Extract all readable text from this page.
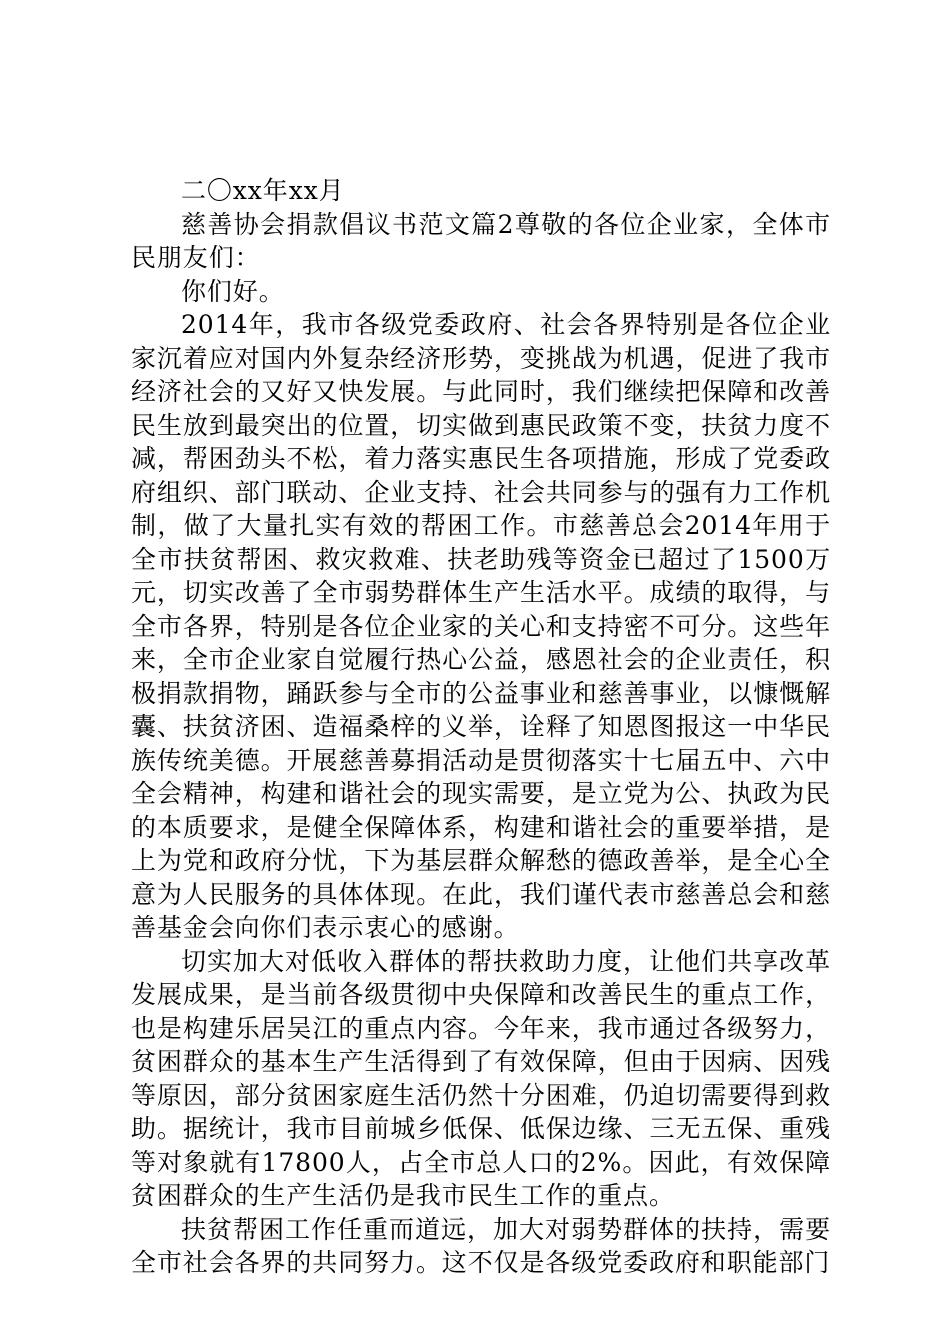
二〇xx年xx月

慈善协会捐款倡议书范文篇2尊敬的各位企业家，全体市民朋友们：

你们好。

2014年，我市各级党委政府、社会各界特别是各位企业家沉着应对国内外复杂经济形势，变挑战为机遇，促进了我市经济社会的又好又快发展。与此同时，我们继续把保障和改善民生放到最突出的位置，切实做到惠民政策不变，扶贫力度不减，帮困劲头不松，着力落实惠民生各项措施，形成了党委政府组织、部门联动、企业支持、社会共同参与的强有力工作机制，做了大量扎实有效的帮困工作。市慈善总会2014年用于全市扶贫帮困、救灾救难、扶老助残等资金已超过了1500万元，切实改善了全市弱势群体生产生活水平。成绩的取得，与全市各界，特别是各位企业家的关心和支持密不可分。这些年来，全市企业家自觉履行热心公益，感恩社会的企业责任，积极捐款捐物，踊跃参与全市的公益事业和慈善事业，以慷慨解囊、扶贫济困、造福桑梓的义举，诠释了知恩图报这一中华民族传统美德。开展慈善募捐活动是贯彻落实十七届五中、六中全会精神，构建和谐社会的现实需要，是立党为公、执政为民的本质要求，是健全保障体系，构建和谐社会的重要举措，是上为党和政府分忧，下为基层群众解愁的德政善举，是全心全意为人民服务的具体体现。在此，我们谨代表市慈善总会和慈善基金会向你们表示衷心的感谢。

切实加大对低收入群体的帮扶救助力度，让他们共享改革发展成果，是当前各级贯彻中央保障和改善民生的重点工作，也是构建乐居吴江的重点内容。今年来，我市通过各级努力，贫困群众的基本生产生活得到了有效保障，但由于因病、因残等原因，部分贫困家庭生活仍然十分困难，仍迫切需要得到救助。据统计，我市目前城乡低保、低保边缘、三无五保、重残等对象就有17800人，占全市总人口的2%。因此，有效保障贫困群众的生产生活仍是我市民生工作的重点。

扶贫帮困工作任重而道远，加大对弱势群体的扶持，需要全市社会各界的共同努力。这不仅是各级党委政府和职能部门
